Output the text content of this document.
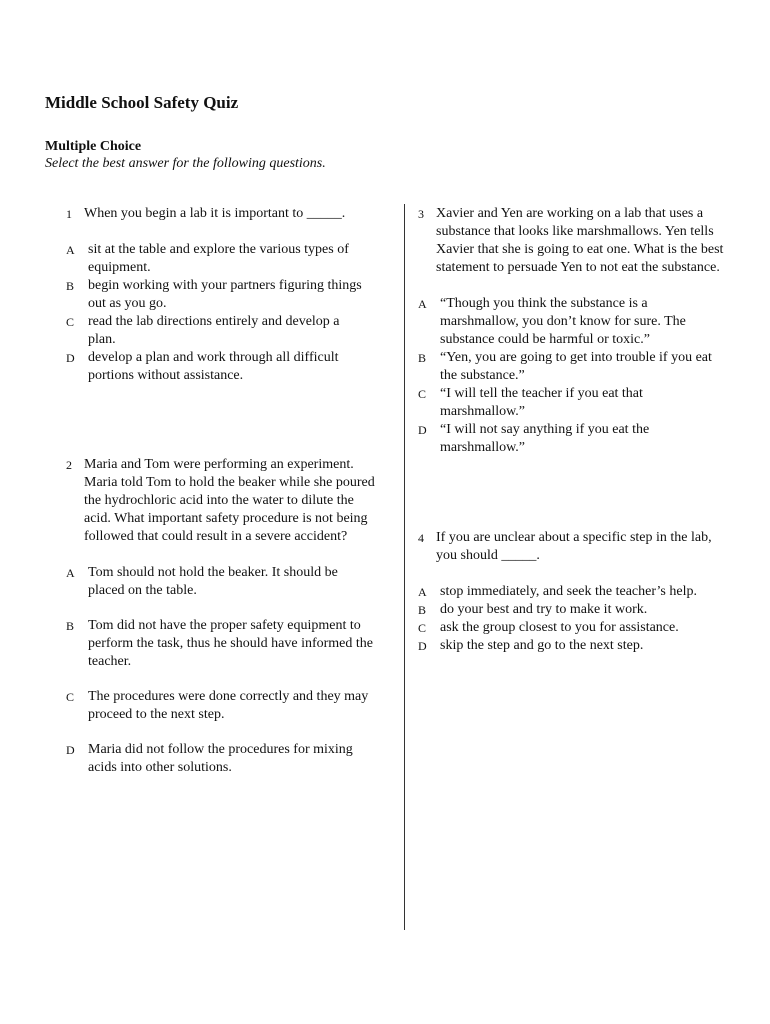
Middle School Safety Quiz
Multiple Choice
Select the best answer for the following questions.
1 When you begin a lab it is important to _____.
A sit at the table and explore the various types of equipment.
B begin working with your partners figuring things out as you go.
C read the lab directions entirely and develop a plan.
D develop a plan and work through all difficult portions without assistance.
2 Maria and Tom were performing an experiment. Maria told Tom to hold the beaker while she poured the hydrochloric acid into the water to dilute the acid. What important safety procedure is not being followed that could result in a severe accident?
A Tom should not hold the beaker. It should be placed on the table.
B Tom did not have the proper safety equipment to perform the task, thus he should have informed the teacher.
C The procedures were done correctly and they may proceed to the next step.
D Maria did not follow the procedures for mixing acids into other solutions.
3 Xavier and Yen are working on a lab that uses a substance that looks like marshmallows. Yen tells Xavier that she is going to eat one. What is the best statement to persuade Yen to not eat the substance.
A “Though you think the substance is a marshmallow, you don’t know for sure. The substance could be harmful or toxic.”
B “Yen, you are going to get into trouble if you eat the substance.”
C “I will tell the teacher if you eat that marshmallow.”
D “I will not say anything if you eat the marshmallow.”
4 If you are unclear about a specific step in the lab, you should _____.
A stop immediately, and seek the teacher’s help.
B do your best and try to make it work.
C ask the group closest to you for assistance.
D skip the step and go to the next step.
